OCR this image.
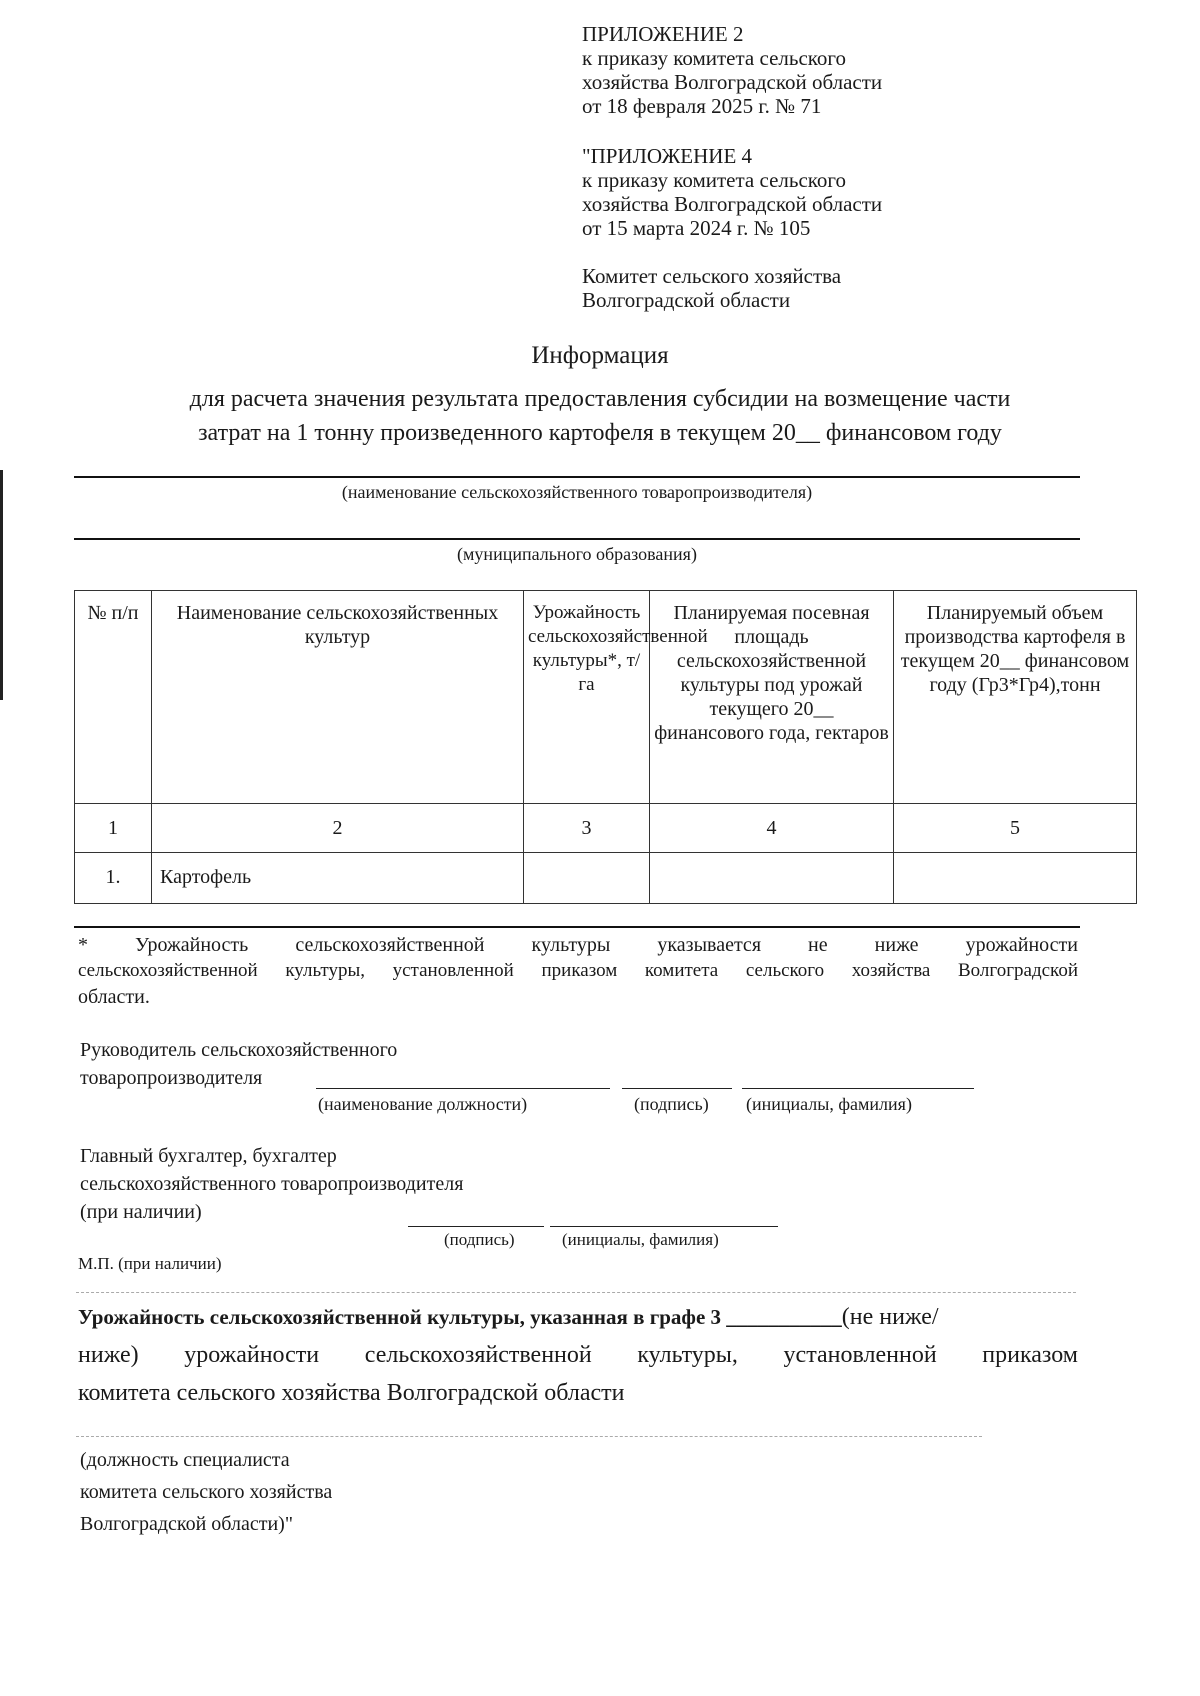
ПРИЛОЖЕНИЕ 2
к приказу комитета сельского
хозяйства Волгоградской области
от 18 февраля 2025 г. № 71
"ПРИЛОЖЕНИЕ 4
к приказу комитета сельского
хозяйства Волгоградской области
от 15 марта 2024 г. № 105
Комитет сельского хозяйства
Волгоградской области
Информация
для расчета значения результата предоставления субсидии на возмещение части
затрат на 1 тонну произведенного картофеля в текущем 20__ финансовом году
(наименование сельскохозяйственного товаропроизводителя)
(муниципального образования)
№ п/п	Наименование сельскохозяйственных культур	Урожайность сельскохозяйственной культуры*, т/га	Планируемая посевная площадь сельскохозяйственной культуры под урожай текущего 20__ финансового года, гектаров	Планируемый объем производства картофеля в текущем 20__ финансовом году (Гр3*Гр4),тонн
1	2	3	4	5
1.	Картофель			
* Урожайность сельскохозяйственной культуры указывается не ниже урожайности
сельскохозяйственной культуры, установленной приказом комитета сельского хозяйства Волгоградской
области.
Руководитель сельскохозяйственного
товаропроизводителя
(наименование должности)	(подпись) (инициалы, фамилия)
Главный бухгалтер, бухгалтер
сельскохозяйственного товаропроизводителя
(при наличии)
(подпись)	(инициалы, фамилия)
М.П. (при наличии)
Урожайность сельскохозяйственной культуры, указанная в графе 3 ___________(не ниже/
ниже) урожайности сельскохозяйственной культуры, установленной приказом
комитета сельского хозяйства Волгоградской области
(должность специалиста
комитета сельского хозяйства
Волгоградской области)"
